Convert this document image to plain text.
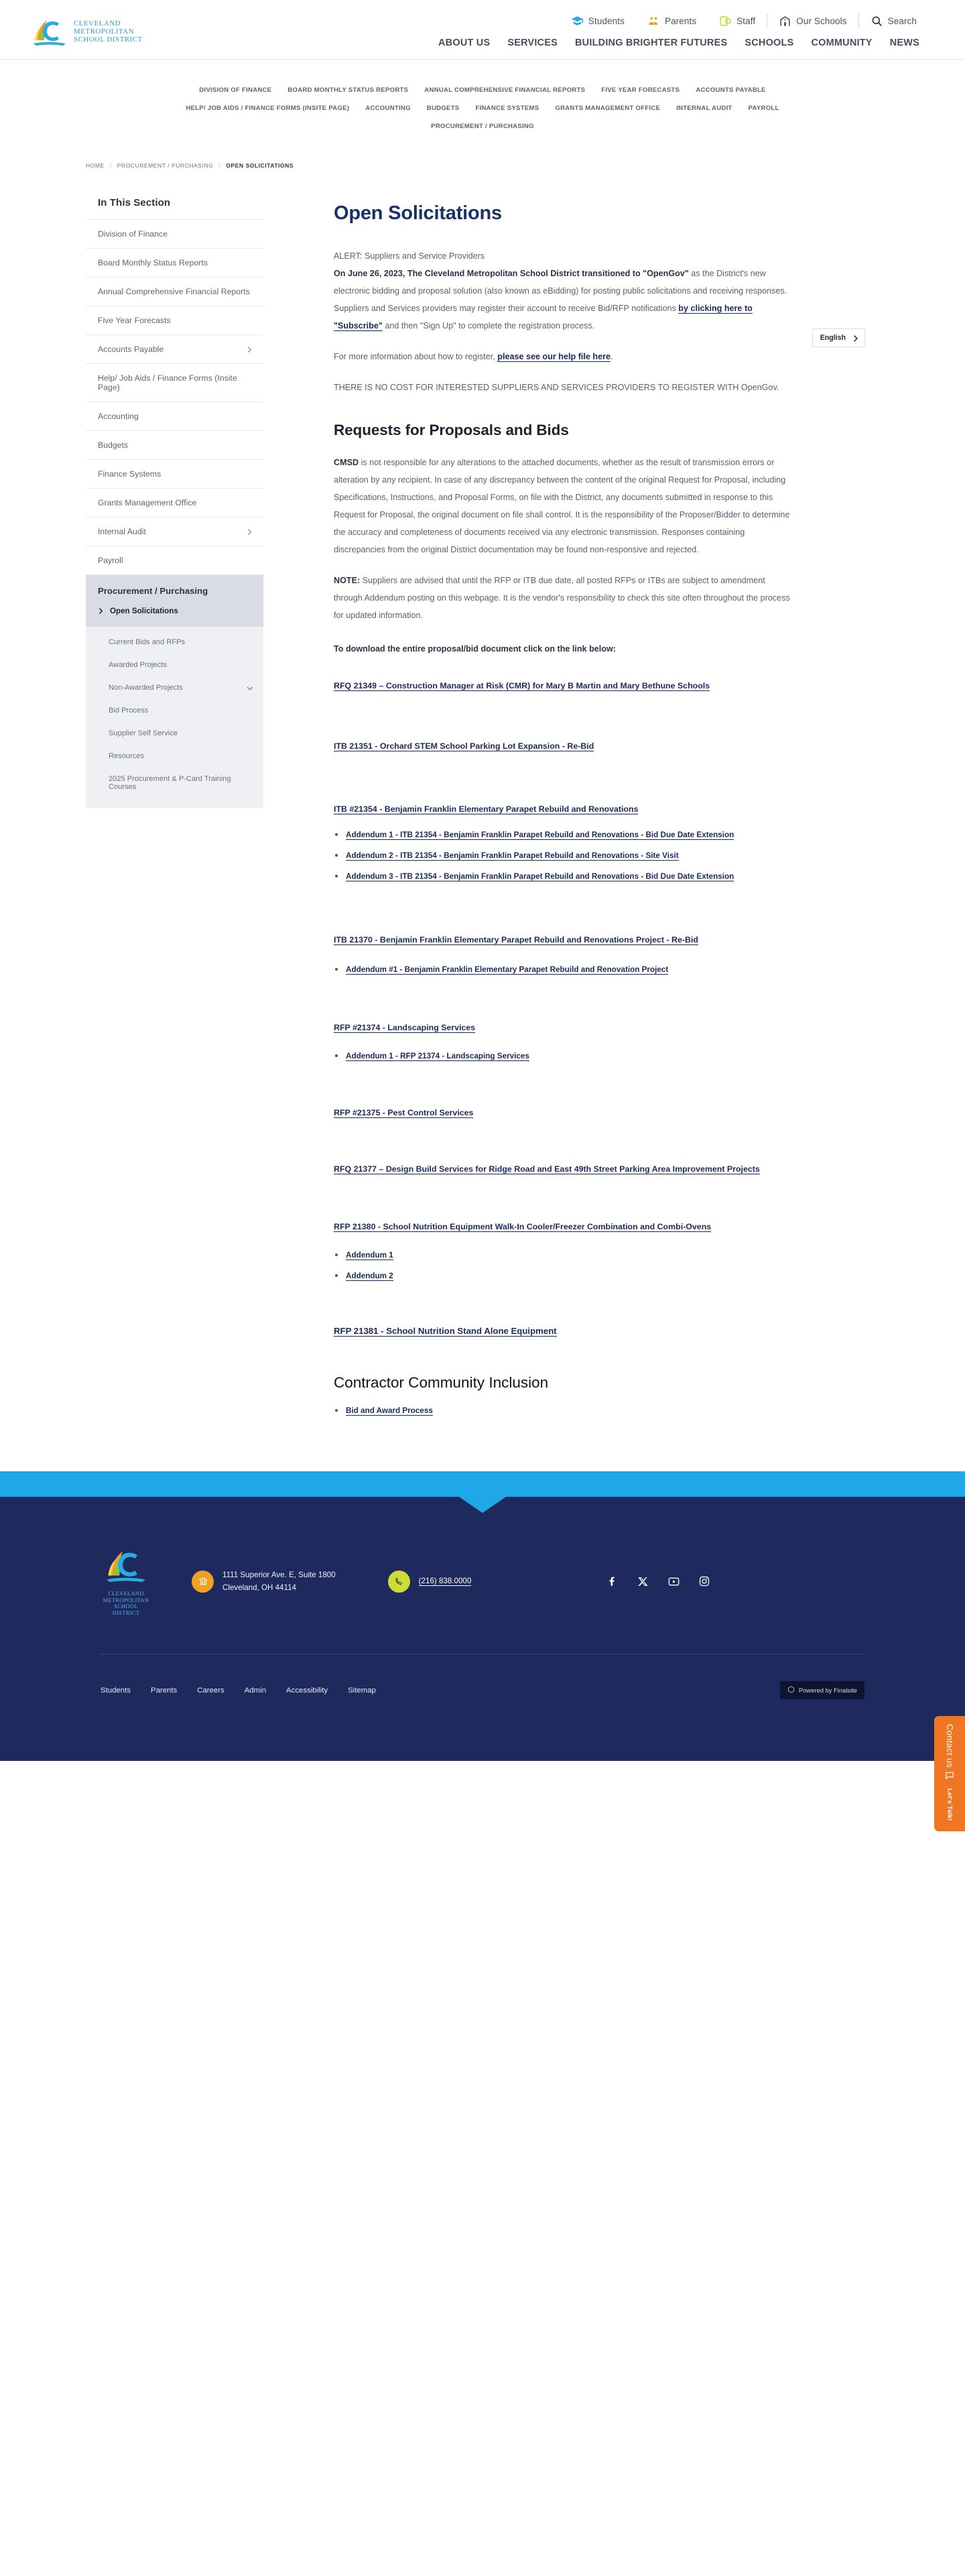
Students	Parents	Staff	Our Schools	Search
CLEVELAND
METROPOLITAN
SCHOOL DISTRICT	ABOUT US	SERVICES	BUILDING BRIGHTER FUTURES	SCHOOLS	COMMUNITY	NEWS
DIVISION OF FINANCE	BOARD MONTHLY STATUS REPORTS	ANNUAL COMPREHENSIVE FINANCIAL REPORTS	FIVE YEAR FORECASTS	ACCOUNTS PAYABLE
HELP/ JOB AIDS / FINANCE FORMS (INSITE PAGE)	ACCOUNTING	BUDGETS	FINANCE SYSTEMS	GRANTS MANAGEMENT OFFICE	INTERNAL AUDIT	PAYROLL
PROCUREMENT / PURCHASING
HOME / PROCUREMENT / PURCHASING / OPEN SOLICITATIONS
In This Section
Division of Finance
Board Monthly Status Reports
Annual Comprehensive Financial Reports
Five Year Forecasts
Accounts Payable
Help/ Job Aids / Finance Forms (Insite Page)
Accounting
Budgets
Finance Systems
Grants Management Office
Internal Audit
Payroll
Procurement / Purchasing
Open Solicitations
Current Bids and RFPs
Awarded Projects
Non-Awarded Projects
Bid Process
Supplier Self Service
Resources
2025 Procurement & P-Card Training Courses
Open Solicitations

ALERT: Suppliers and Service Providers

On June 26, 2023, The Cleveland Metropolitan School District transitioned to "OpenGov" as the District's new electronic bidding and proposal solution (also known as eBidding) for posting public solicitations and receiving responses. Suppliers and Services providers may register their account to receive Bid/RFP notifications by clicking here to "Subscribe" and then "Sign Up" to complete the registration process.

For more information about how to register, please see our help file here.

THERE IS NO COST FOR INTERESTED SUPPLIERS AND SERVICES PROVIDERS TO REGISTER WITH OpenGov.

English
Requests for Proposals and Bids

CMSD is not responsible for any alterations to the attached documents, whether as the result of transmission errors or alteration by any recipient. In case of any discrepancy between the content of the original Request for Proposal, including Specifications, Instructions, and Proposal Forms, on file with the District, any documents submitted in response to this Request for Proposal, the original document on file shall control. It is the responsibility of the Proposer/Bidder to determine the accuracy and completeness of documents received via any electronic transmission. Responses containing discrepancies from the original District documentation may be found non-responsive and rejected.

NOTE: Suppliers are advised that until the RFP or ITB due date, all posted RFPs or ITBs are subject to amendment through Addendum posting on this webpage. It is the vendor's responsibility to check this site often throughout the process for updated information.

To download the entire proposal/bid document click on the link below:

RFQ 21349 – Construction Manager at Risk (CMR) for Mary B Martin and Mary Bethune Schools
ITB 21351 - Orchard STEM School Parking Lot Expansion - Re-Bid
ITB #21354 - Benjamin Franklin Elementary Parapet Rebuild and Renovations
Addendum 1 - ITB 21354 - Benjamin Franklin Parapet Rebuild and Renovations - Bid Due Date Extension
Addendum 2 - ITB 21354 - Benjamin Franklin Parapet Rebuild and Renovations - Site Visit
Addendum 3 - ITB 21354 - Benjamin Franklin Parapet Rebuild and Renovations - Bid Due Date Extension
ITB 21370 - Benjamin Franklin Elementary Parapet Rebuild and Renovations Project - Re-Bid
Addendum #1 - Benjamin Franklin Elementary Parapet Rebuild and Renovation Project
RFP #21374 - Landscaping Services
Addendum 1 - RFP 21374 - Landscaping Services
RFP #21375 - Pest Control Services
RFQ 21377 – Design Build Services for Ridge Road and East 49th Street Parking Area Improvement Projects
RFP 21380 - School Nutrition Equipment Walk-In Cooler/Freezer Combination and Combi-Ovens
Addendum 1
Addendum 2
RFP 21381 - School Nutrition Stand Alone Equipment
Contractor Community Inclusion
Bid and Award Process
Contact us
Let's Talk!
CLEVELAND
METROPOLITAN
SCHOOL DISTRICT
1111 Superior Ave. E, Suite 1800
Cleveland, OH 44114
(216) 838.0000
Students	Parents	Careers	Admin	Accessibility	Sitemap	Powered by Finalsite
